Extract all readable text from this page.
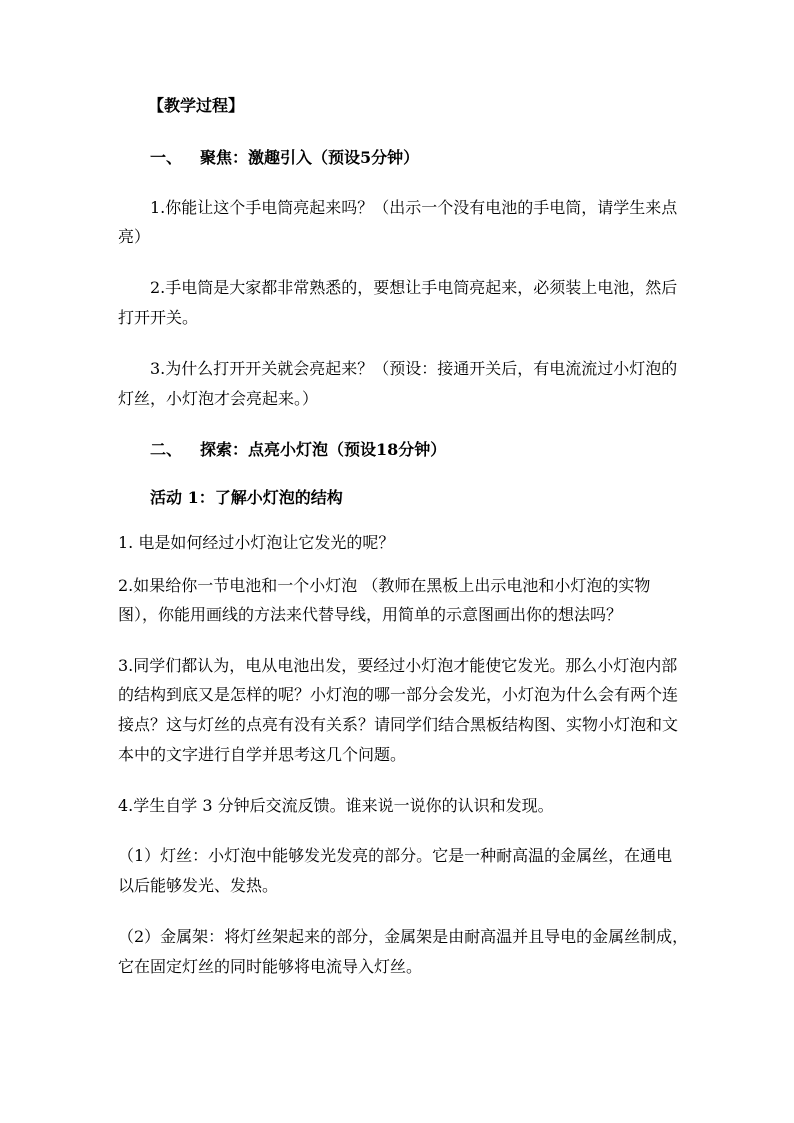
【教学过程】

一、 聚焦：激趣引入（预设5分钟）

1.你能让这个手电筒亮起来吗？（出示一个没有电池的手电筒，请学生来点

亮）

2.手电筒是大家都非常熟悉的，要想让手电筒亮起来，必须装上电池，然后

打开开关。

3.为什么打开开关就会亮起来？（预设：接通开关后，有电流流过小灯泡的

灯丝，小灯泡才会亮起来。）

二、 探索：点亮小灯泡（预设18分钟）

活动 1：了解小灯泡的结构

1. 电是如何经过小灯泡让它发光的呢？

2.如果给你一节电池和一个小灯泡 （教师在黑板上出示电池和小灯泡的实物

图），你能用画线的方法来代替导线，用简单的示意图画出你的想法吗？

3.同学们都认为，电从电池出发，要经过小灯泡才能使它发光。那么小灯泡内部

的结构到底又是怎样的呢？小灯泡的哪一部分会发光，小灯泡为什么会有两个连

接点？这与灯丝的点亮有没有关系？请同学们结合黑板结构图、实物小灯泡和文

本中的文字进行自学并思考这几个问题。

4.学生自学 3 分钟后交流反馈。谁来说一说你的认识和发现。

（1）灯丝：小灯泡中能够发光发亮的部分。它是一种耐高温的金属丝，在通电

以后能够发光、发热。

（2）金属架：将灯丝架起来的部分，金属架是由耐高温并且导电的金属丝制成，

它在固定灯丝的同时能够将电流导入灯丝。
